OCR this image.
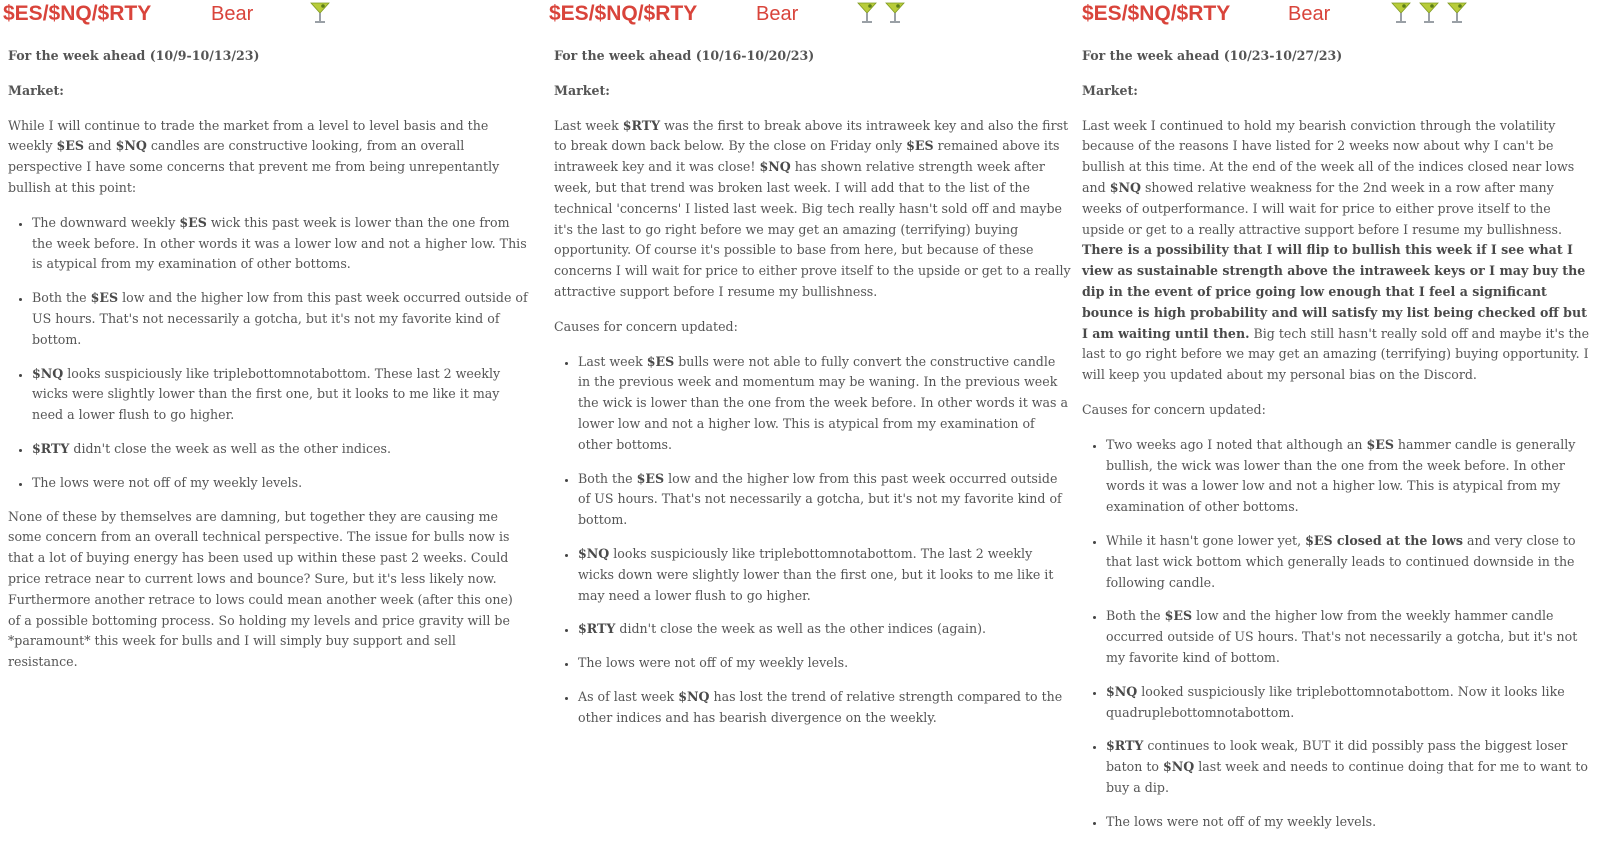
$ES/$NQ/$RTY	Bear

For the week ahead (10/9-10/13/23)

Market:

While I will continue to trade the market from a level to level basis and the weekly $ES and $NQ candles are constructive looking, from an overall perspective I have some concerns that prevent me from being unrepentantly bullish at this point:

• The downward weekly $ES wick this past week is lower than the one from the week before. In other words it was a lower low and not a higher low. This is atypical from my examination of other bottoms.
• Both the $ES low and the higher low from this past week occurred outside of US hours. That's not necessarily a gotcha, but it's not my favorite kind of bottom.
• $NQ looks suspiciously like triplebottomnotabottom. These last 2 weekly wicks were slightly lower than the first one, but it looks to me like it may need a lower flush to go higher.
• $RTY didn't close the week as well as the other indices.
• The lows were not off of my weekly levels.

None of these by themselves are damning, but together they are causing me some concern from an overall technical perspective. The issue for bulls now is that a lot of buying energy has been used up within these past 2 weeks. Could price retrace near to current lows and bounce? Sure, but it's less likely now. Furthermore another retrace to lows could mean another week (after this one) of a possible bottoming process. So holding my levels and price gravity will be *paramount* this week for bulls and I will simply buy support and sell resistance.

$ES/$NQ/$RTY	Bear

For the week ahead (10/16-10/20/23)

Market:

Last week $RTY was the first to break above its intraweek key and also the first to break down back below. By the close on Friday only $ES remained above its intraweek key and it was close! $NQ has shown relative strength week after week, but that trend was broken last week. I will add that to the list of the technical 'concerns' I listed last week. Big tech really hasn't sold off and maybe it's the last to go right before we may get an amazing (terrifying) buying opportunity. Of course it's possible to base from here, but because of these concerns I will wait for price to either prove itself to the upside or get to a really attractive support before I resume my bullishness.

Causes for concern updated:

• Last week $ES bulls were not able to fully convert the constructive candle in the previous week and momentum may be waning. In the previous week the wick is lower than the one from the week before. In other words it was a lower low and not a higher low. This is atypical from my examination of other bottoms.
• Both the $ES low and the higher low from this past week occurred outside of US hours. That's not necessarily a gotcha, but it's not my favorite kind of bottom.
• $NQ looks suspiciously like triplebottomnotabottom. The last 2 weekly wicks down were slightly lower than the first one, but it looks to me like it may need a lower flush to go higher.
• $RTY didn't close the week as well as the other indices (again).
• The lows were not off of my weekly levels.
• As of last week $NQ has lost the trend of relative strength compared to the other indices and has bearish divergence on the weekly.
$ES/$NQ/$RTY	Bear

For the week ahead (10/23-10/27/23)

Market:

Last week I continued to hold my bearish conviction through the volatility because of the reasons I have listed for 2 weeks now about why I can't be bullish at this time. At the end of the week all of the indices closed near lows and $NQ showed relative weakness for the 2nd week in a row after many weeks of outperformance. I will wait for price to either prove itself to the upside or get to a really attractive support before I resume my bullishness. There is a possibility that I will flip to bullish this week if I see what I view as sustainable strength above the intraweek keys or I may buy the dip in the event of price going low enough that I feel a significant bounce is high probability and will satisfy my list being checked off but I am waiting until then. Big tech still hasn't really sold off and maybe it's the last to go right before we may get an amazing (terrifying) buying opportunity. I will keep you updated about my personal bias on the Discord.

Causes for concern updated:

• Two weeks ago I noted that although an $ES hammer candle is generally bullish, the wick was lower than the one from the week before. In other words it was a lower low and not a higher low. This is atypical from my examination of other bottoms.
• While it hasn't gone lower yet, $ES closed at the lows and very close to that last wick bottom which generally leads to continued downside in the following candle.
• Both the $ES low and the higher low from the weekly hammer candle occurred outside of US hours. That's not necessarily a gotcha, but it's not my favorite kind of bottom.
• $NQ looked suspiciously like triplebottomnotabottom. Now it looks like quadruplebottomnotabottom.
• $RTY continues to look weak, BUT it did possibly pass the biggest loser baton to $NQ last week and needs to continue doing that for me to want to buy a dip.
• The lows were not off of my weekly levels.
